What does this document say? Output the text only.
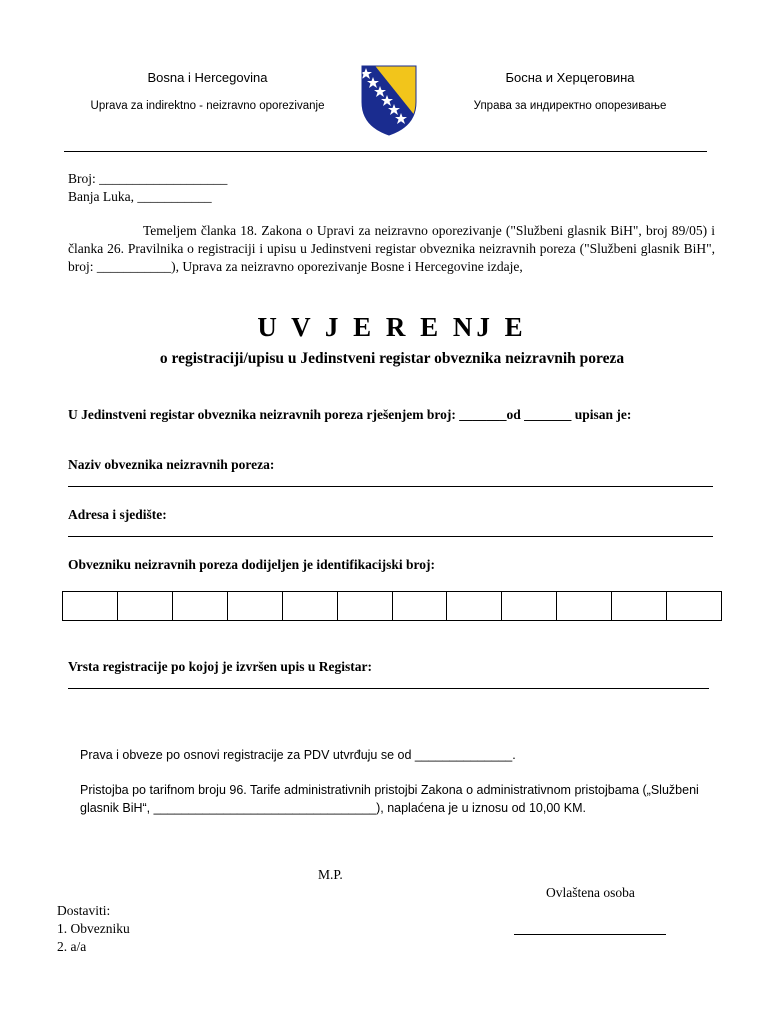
Bosna i Hercegovina
Uprava za indirektno - neizravno oporezivanje
Босна и Херцеговина
Управа за индиректно опорезивање
Broj: ___________________
Banja Luka, ___________
Temeljem članka 18. Zakona o Upravi za neizravno oporezivanje ("Službeni glasnik BiH", broj 89/05) i članka 26. Pravilnika o registraciji i upisu u Jedinstveni registar obveznika neizravnih poreza ("Službeni glasnik BiH", broj: ___________), Uprava za neizravno oporezivanje Bosne i Hercegovine izdaje,
U V J E R E NJ E
o registraciji/upisu u Jedinstveni registar obveznika neizravnih poreza
U Jedinstveni registar obveznika neizravnih poreza rješenjem broj: _______od _______ upisan je:
Naziv obveznika neizravnih poreza:
Adresa i sjedište:
Obvezniku neizravnih poreza dodijeljen je identifikacijski broj:
Vrsta registracije po kojoj je izvršen upis u Registar:
Prava i obveze po osnovi registracije za PDV utvrđuju se od ______________.
Pristojba po tarifnom broju 96. Tarife administrativnih pristojbi Zakona o administrativnom pristojbama („Službeni glasnik BiH“, ________________________________), naplaćena je u iznosu od 10,00 KM.
M.P.
Ovlaštena osoba
Dostaviti:
1. Obvezniku
2. a/a
